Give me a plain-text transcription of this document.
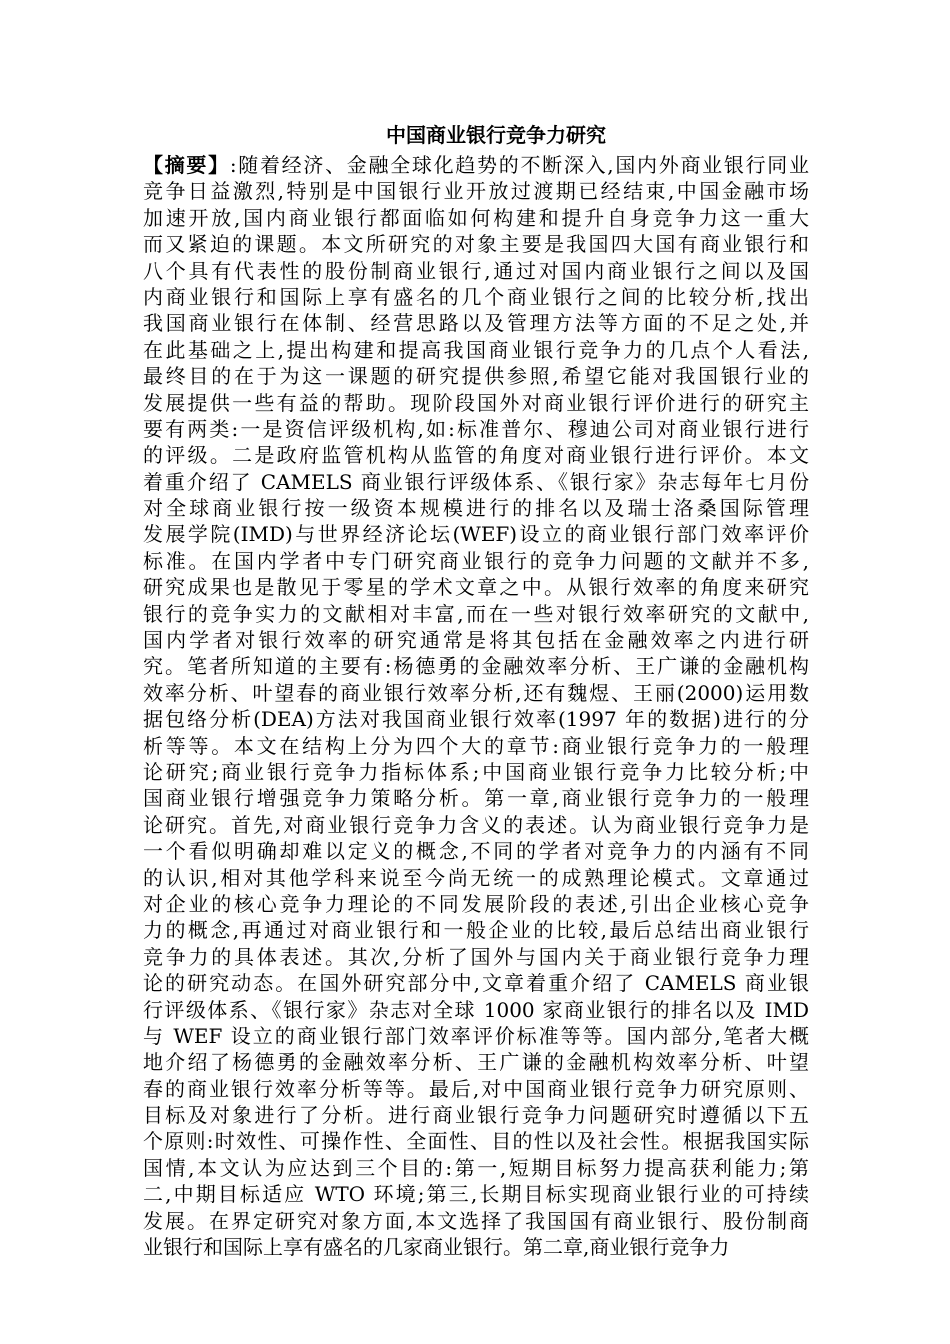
中国商业银行竞争力研究
【摘要】:随着经济、金融全球化趋势的不断深入,国内外商业银行同业
竞争日益激烈,特别是中国银行业开放过渡期已经结束,中国金融市场
加速开放,国内商业银行都面临如何构建和提升自身竞争力这一重大
而又紧迫的课题。本文所研究的对象主要是我国四大国有商业银行和
八个具有代表性的股份制商业银行,通过对国内商业银行之间以及国
内商业银行和国际上享有盛名的几个商业银行之间的比较分析,找出
我国商业银行在体制、经营思路以及管理方法等方面的不足之处,并
在此基础之上,提出构建和提高我国商业银行竞争力的几点个人看法,
最终目的在于为这一课题的研究提供参照,希望它能对我国银行业的
发展提供一些有益的帮助。现阶段国外对商业银行评价进行的研究主
要有两类:一是资信评级机构,如:标准普尔、穆迪公司对商业银行进行
的评级。二是政府监管机构从监管的角度对商业银行进行评价。本文
着重介绍了 CAMELS 商业银行评级体系、《银行家》杂志每年七月份
对全球商业银行按一级资本规模进行的排名以及瑞士洛桑国际管理
发展学院(IMD)与世界经济论坛(WEF)设立的商业银行部门效率评价
标准。在国内学者中专门研究商业银行的竞争力问题的文献并不多,
研究成果也是散见于零星的学术文章之中。从银行效率的角度来研究
银行的竞争实力的文献相对丰富,而在一些对银行效率研究的文献中,
国内学者对银行效率的研究通常是将其包括在金融效率之内进行研
究。笔者所知道的主要有:杨德勇的金融效率分析、王广谦的金融机构
效率分析、叶望春的商业银行效率分析,还有魏煜、王丽(2000)运用数
据包络分析(DEA)方法对我国商业银行效率(1997 年的数据)进行的分
析等等。本文在结构上分为四个大的章节:商业银行竞争力的一般理
论研究;商业银行竞争力指标体系;中国商业银行竞争力比较分析;中
国商业银行增强竞争力策略分析。第一章,商业银行竞争力的一般理
论研究。首先,对商业银行竞争力含义的表述。认为商业银行竞争力是
一个看似明确却难以定义的概念,不同的学者对竞争力的内涵有不同
的认识,相对其他学科来说至今尚无统一的成熟理论模式。文章通过
对企业的核心竞争力理论的不同发展阶段的表述,引出企业核心竞争
力的概念,再通过对商业银行和一般企业的比较,最后总结出商业银行
竞争力的具体表述。其次,分析了国外与国内关于商业银行竞争力理
论的研究动态。在国外研究部分中,文章着重介绍了 CAMELS 商业银
行评级体系、《银行家》杂志对全球 1000 家商业银行的排名以及 IMD
与 WEF 设立的商业银行部门效率评价标准等等。国内部分,笔者大概
地介绍了杨德勇的金融效率分析、王广谦的金融机构效率分析、叶望
春的商业银行效率分析等等。最后,对中国商业银行竞争力研究原则、
目标及对象进行了分析。进行商业银行竞争力问题研究时遵循以下五
个原则:时效性、可操作性、全面性、目的性以及社会性。根据我国实际
国情,本文认为应达到三个目的:第一,短期目标努力提高获利能力;第
二,中期目标适应 WTO 环境;第三,长期目标实现商业银行业的可持续
发展。在界定研究对象方面,本文选择了我国国有商业银行、股份制商
业银行和国际上享有盛名的几家商业银行。第二章,商业银行竞争力
